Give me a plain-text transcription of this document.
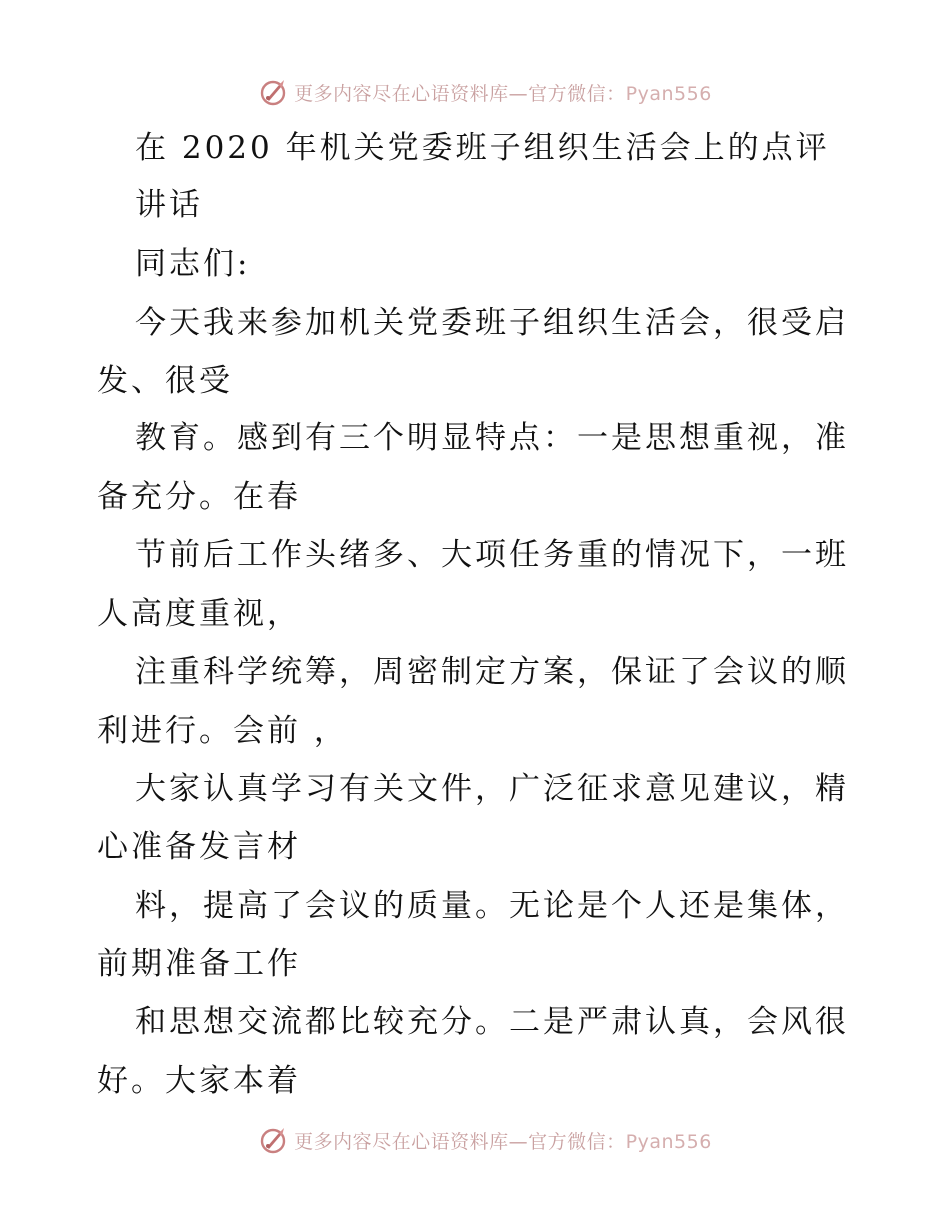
更多内容尽在心语资料库—官方微信：Pyan556
在 2020 年机关党委班子组织生活会上的点评
讲话
同志们:
今天我来参加机关党委班子组织生活会，很受启
发、很受
教育。感到有三个明显特点：一是思想重视，准
备充分。在春
节前后工作头绪多、大项任务重的情况下，一班
人高度重视，
注重科学统筹，周密制定方案，保证了会议的顺
利进行。会前 ，
大家认真学习有关文件，广泛征求意见建议，精
心准备发言材
料，提高了会议的质量。无论是个人还是集体，
前期准备工作
和思想交流都比较充分。二是严肃认真，会风很
好。大家本着
更多内容尽在心语资料库—官方微信：Pyan556
